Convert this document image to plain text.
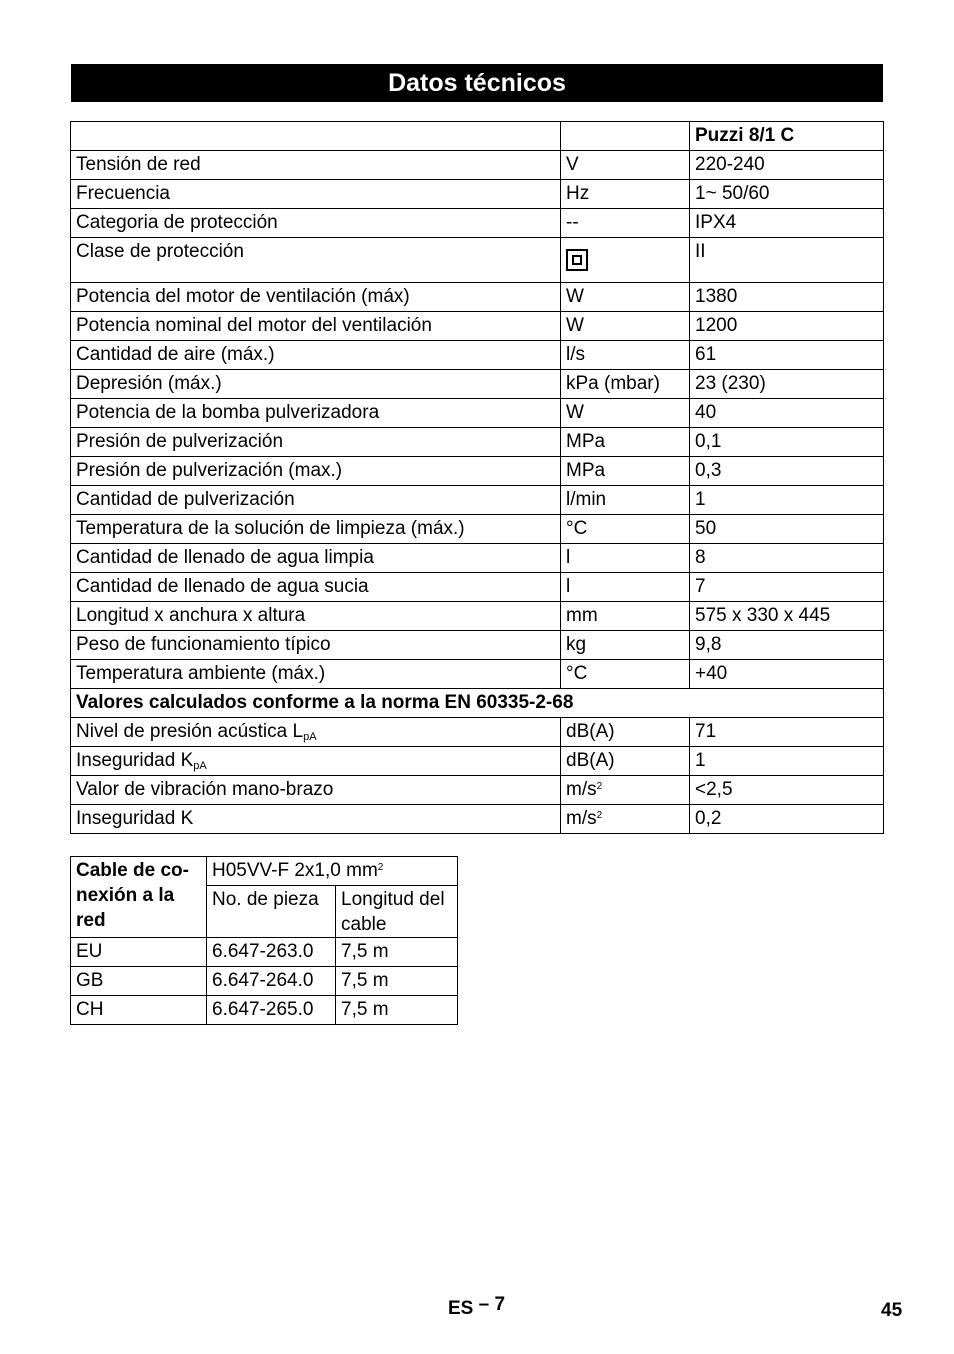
Datos técnicos
		Puzzi 8/1 C
Tensión de red	V	220-240
Frecuencia	Hz	1~ 50/60
Categoria de protección	--	IPX4
Clase de protección		II
Potencia del motor de ventilación (máx)	W	1380
Potencia nominal del motor del ventilación	W	1200
Cantidad de aire (máx.)	l/s	61
Depresión (máx.)	kPa (mbar)	23 (230)
Potencia de la bomba pulverizadora	W	40
Presión de pulverización	MPa	0,1
Presión de pulverización (max.)	MPa	0,3
Cantidad de pulverización	l/min	1
Temperatura de la solución de limpieza (máx.)	°C	50
Cantidad de llenado de agua limpia	l	8
Cantidad de llenado de agua sucia	l	7
Longitud x anchura x altura	mm	575 x 330 x 445
Peso de funcionamiento típico	kg	9,8
Temperatura ambiente (máx.)	°C	+40
Valores calculados conforme a la norma EN 60335-2-68		
Nivel de presión acústica $L_{pA}$	dB(A)	71
Inseguridad $K_{pA}$	dB(A)	1
Valor de vibración mano-brazo	$m/s^2$	<2,5
Inseguridad K	$m/s^2$	0,2
Cable de co-nexión a la red	H05VV-F 2x1,0 $mm^2$
	No. de pieza	Longitud del cable
EU	6.647-263.0	7,5 m
GB	6.647-264.0	7,5 m
CH	6.647-265.0	7,5 m
ES – 7	45
